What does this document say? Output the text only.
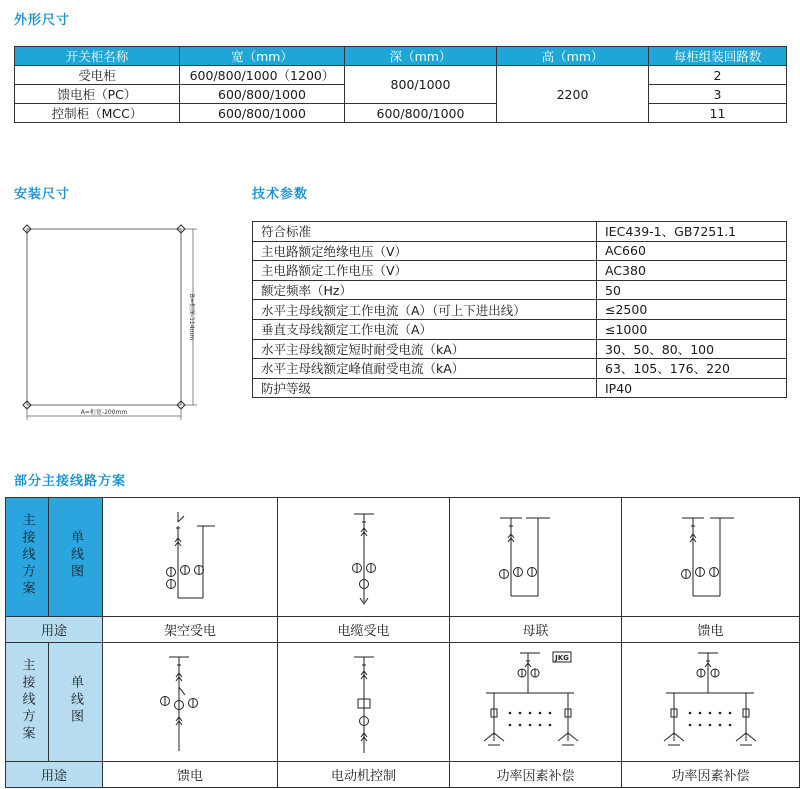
外形尺寸
安装尺寸	技术参数
部分主接线路方案
开关柜名称	宽（mm）	深（mm）	高（mm）	每柜组装回路数
受电柜	600/800/1000（1200）	800/1000	2200	2
馈电柜（PC）	600/800/1000			3
控制柜（MCC）	600/800/1000	600/800/1000		11
A=柜宽-200mm
B=柜深-114mm
符合标准	IEC439-1、GB7251.1
主电路额定绝缘电压（V）	AC660
主电路额定工作电压（V）	AC380
额定频率（Hz）	50
水平主母线额定工作电流（A）（可上下进出线）	≤2500
垂直支母线额定工作电流（A）	≤1000
水平主母线额定短时耐受电流（kA）	30、50、80、100
水平主母线额定峰值耐受电流（kA）	63、105、176、220
防护等级	IP40
主接线方案	单线图	

用途		架空受电	电缆受电	母联	馈电
主接线方案	单线图			JKG

用途		馈电	电动机控制	功率因素补偿	功率因素补偿
